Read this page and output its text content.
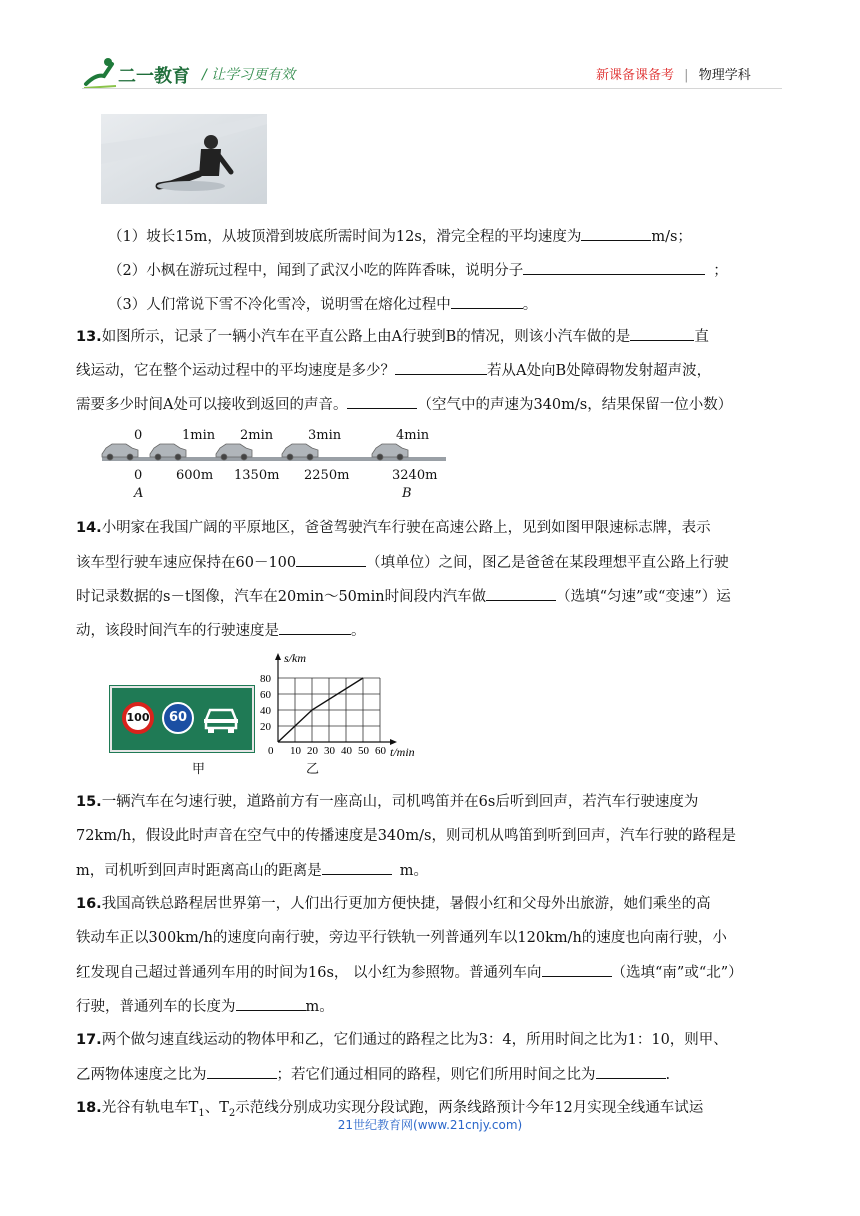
二一教育 / 让学习更有效	新课备课备考 | 物理学科
（1）坡长15m，从坡顶滑到坡底所需时间为12s，滑完全程的平均速度为	m/s；
（2）小枫在游玩过程中，闻到了武汉小吃的阵阵香味，说明分子	；
（3）人们常说下雪不冷化雪冷，说明雪在熔化过程中	。
13.如图所示，记录了一辆小汽车在平直公路上由A行驶到B的情况，则该小汽车做的是	直
线运动，它在整个运动过程中的平均速度是多少？	若从A处向B处障碍物发射超声波，
需要多少时间A处可以接收到返回的声音。	（空气中的声速为340m/s，结果保留一位小数）
0	1min 2min	3min	4min
0	600m 1350m 2250m	3240m
A	B
14.小明家在我国广阔的平原地区，爸爸驾驶汽车行驶在高速公路上，见到如图甲限速标志牌，表示
该车型行驶车速应保持在60－100	（填单位）之间，图乙是爸爸在某段理想平直公路上行驶
时记录数据的s－t图像，汽车在20min～50min时间段内汽车做	（选填“匀速”或“变速”）运
动，该段时间汽车的行驶速度是	。
100	60
甲
0 10 20 30 40 50 60
20
40
60
80
s/km
t/min
乙
15.一辆汽车在匀速行驶，道路前方有一座高山，司机鸣笛并在6s后听到回声，若汽车行驶速度为
72km/h，假设此时声音在空气中的传播速度是340m/s，则司机从鸣笛到听到回声，汽车行驶的路程是
m，司机听到回声时距离高山的距离是	m。
16.我国高铁总路程居世界第一，人们出行更加方便快捷，暑假小红和父母外出旅游，她们乘坐的高
铁动车正以300km/h的速度向南行驶，旁边平行铁轨一列普通列车以120km/h的速度也向南行驶，小
红发现自己超过普通列车用的时间为16s， 以小红为参照物。普通列车向	（选填“南”或“北”）
行驶，普通列车的长度为	m。
17.两个做匀速直线运动的物体甲和乙，它们通过的路程之比为3：4，所用时间之比为1：10，则甲、
乙两物体速度之比为	；若它们通过相同的路程，则它们所用时间之比为	.
18.光谷有轨电车$T_1$、$T_2$示范线分别成功实现分段试跑，两条线路预计今年12月实现全线通车试运
21世纪教育网(www.21cnjy.com)
